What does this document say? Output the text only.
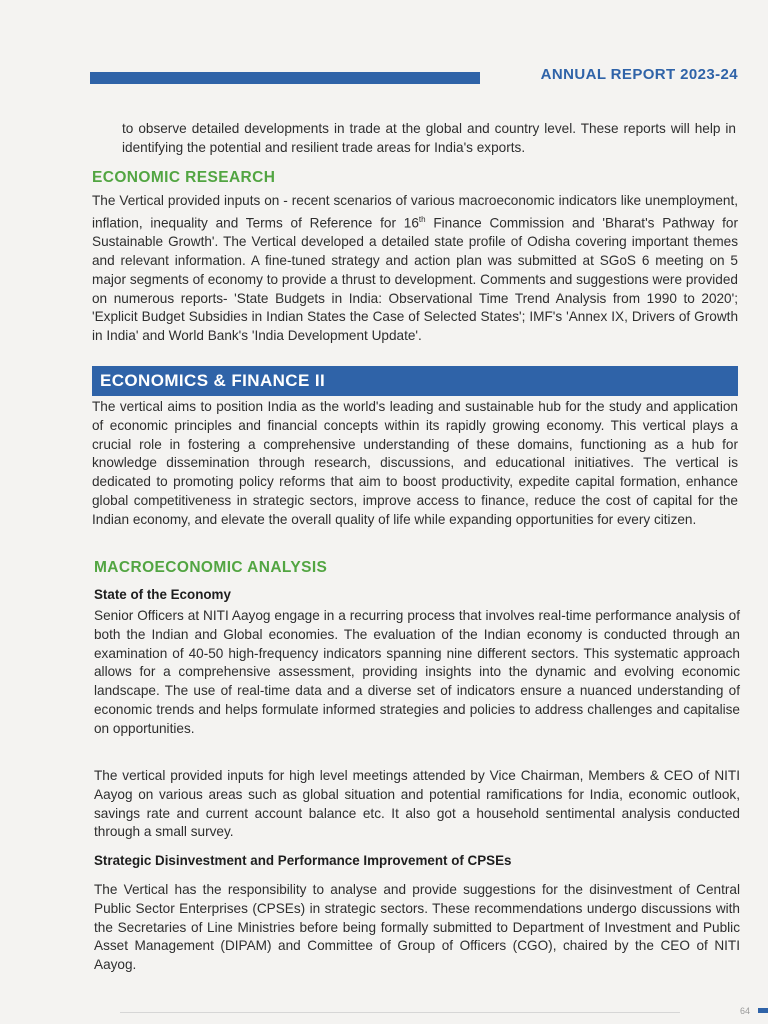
ANNUAL REPORT 2023-24

to observe detailed developments in trade at the global and country level. These reports will help in identifying the potential and resilient trade areas for India's exports.

ECONOMIC RESEARCH

The Vertical provided inputs on - recent scenarios of various macroeconomic indicators like unemployment, inflation, inequality and Terms of Reference for 16th Finance Commission and 'Bharat's Pathway for Sustainable Growth'. The Vertical developed a detailed state profile of Odisha covering important themes and relevant information. A fine-tuned strategy and action plan was submitted at SGoS 6 meeting on 5 major segments of economy to provide a thrust to development. Comments and suggestions were provided on numerous reports- 'State Budgets in India: Observational Time Trend Analysis from 1990 to 2020'; 'Explicit Budget Subsidies in Indian States the Case of Selected States'; IMF's 'Annex IX, Drivers of Growth in India' and World Bank's 'India Development Update'.

ECONOMICS & FINANCE II

The vertical aims to position India as the world's leading and sustainable hub for the study and application of economic principles and financial concepts within its rapidly growing economy. This vertical plays a crucial role in fostering a comprehensive understanding of these domains, functioning as a hub for knowledge dissemination through research, discussions, and educational initiatives. The vertical is dedicated to promoting policy reforms that aim to boost productivity, expedite capital formation, enhance global competitiveness in strategic sectors, improve access to finance, reduce the cost of capital for the Indian economy, and elevate the overall quality of life while expanding opportunities for every citizen.

MACROECONOMIC ANALYSIS
State of the Economy

Senior Officers at NITI Aayog engage in a recurring process that involves real-time performance analysis of both the Indian and Global economies. The evaluation of the Indian economy is conducted through an examination of 40-50 high-frequency indicators spanning nine different sectors. This systematic approach allows for a comprehensive assessment, providing insights into the dynamic and evolving economic landscape. The use of real-time data and a diverse set of indicators ensure a nuanced understanding of economic trends and helps formulate informed strategies and policies to address challenges and capitalise on opportunities.

The vertical provided inputs for high level meetings attended by Vice Chairman, Members & CEO of NITI Aayog on various areas such as global situation and potential ramifications for India, economic outlook, savings rate and current account balance etc. It also got a household sentimental analysis conducted through a small survey.

Strategic Disinvestment and Performance Improvement of CPSEs

The Vertical has the responsibility to analyse and provide suggestions for the disinvestment of Central Public Sector Enterprises (CPSEs) in strategic sectors. These recommendations undergo discussions with the Secretaries of Line Ministries before being formally submitted to Department of Investment and Public Asset Management (DIPAM) and Committee of Group of Officers (CGO), chaired by the CEO of NITI Aayog.

64
